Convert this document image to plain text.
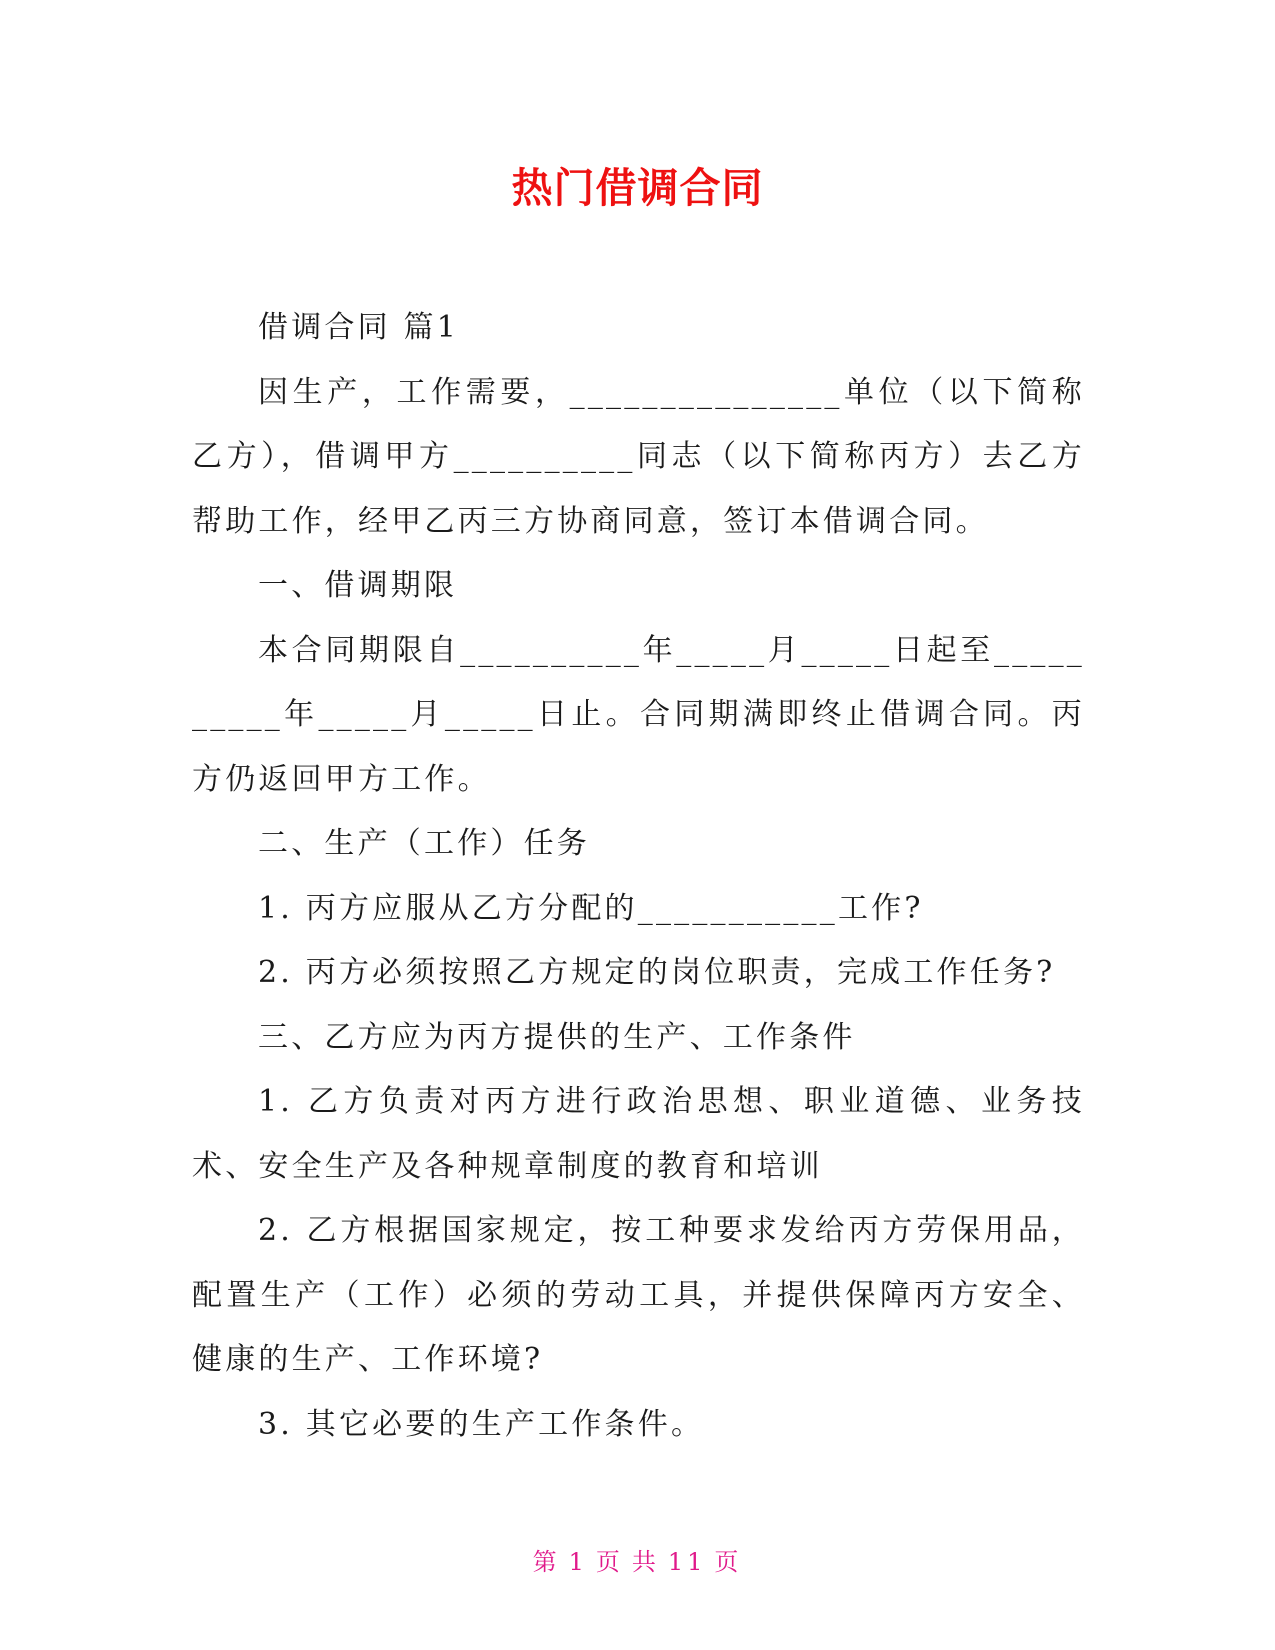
热门借调合同

借调合同 篇1

因生产，工作需要，_______________单位（以下简称乙方），借调甲方__________同志（以下简称丙方）去乙方帮助工作，经甲乙丙三方协商同意，签订本借调合同。

一、借调期限

本合同期限自__________年_____月_____日起至__________年_____月_____日止。合同期满即终止借调合同。丙方仍返回甲方工作。

二、生产（工作）任务

1. 丙方应服从乙方分配的___________工作?

2. 丙方必须按照乙方规定的岗位职责，完成工作任务?

三、乙方应为丙方提供的生产、工作条件

1. 乙方负责对丙方进行政治思想、职业道德、业务技术、安全生产及各种规章制度的教育和培训

2. 乙方根据国家规定，按工种要求发给丙方劳保用品，配置生产（工作）必须的劳动工具，并提供保障丙方安全、健康的生产、工作环境?

3. 其它必要的生产工作条件。

第 1 页 共 11 页
